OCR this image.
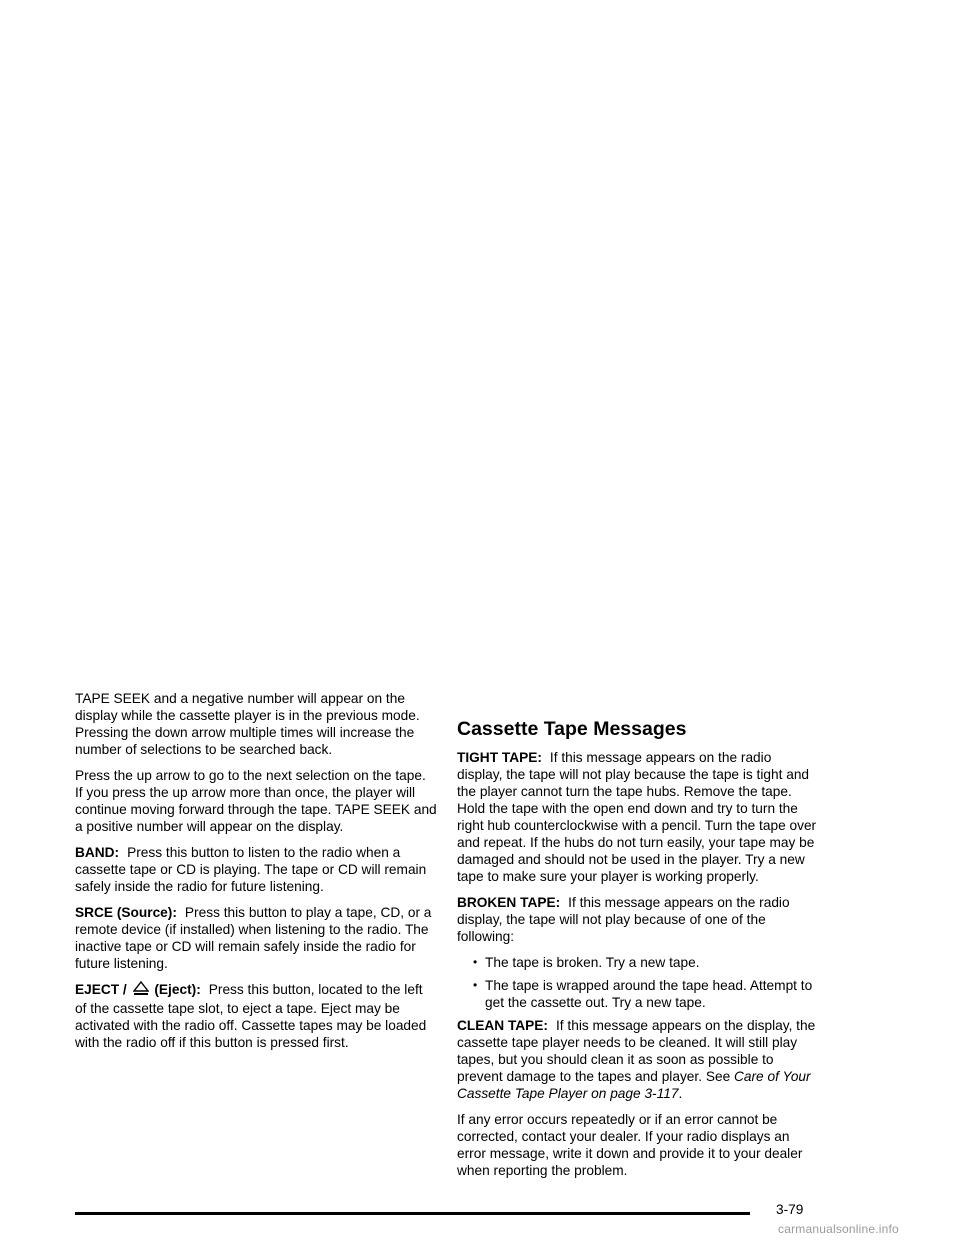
TAPE SEEK and a negative number will appear on the display while the cassette player is in the previous mode. Pressing the down arrow multiple times will increase the number of selections to be searched back.

Press the up arrow to go to the next selection on the tape. If you press the up arrow more than once, the player will continue moving forward through the tape. TAPE SEEK and a positive number will appear on the display.

BAND: Press this button to listen to the radio when a cassette tape or CD is playing. The tape or CD will remain safely inside the radio for future listening.

SRCE (Source): Press this button to play a tape, CD, or a remote device (if installed) when listening to the radio. The inactive tape or CD will remain safely inside the radio for future listening.

EJECT / (Eject): Press this button, located to the left of the cassette tape slot, to eject a tape. Eject may be activated with the radio off. Cassette tapes may be loaded with the radio off if this button is pressed first.

Cassette Tape Messages

TIGHT TAPE: If this message appears on the radio display, the tape will not play because the tape is tight and the player cannot turn the tape hubs. Remove the tape. Hold the tape with the open end down and try to turn the right hub counterclockwise with a pencil. Turn the tape over and repeat. If the hubs do not turn easily, your tape may be damaged and should not be used in the player. Try a new tape to make sure your player is working properly.

BROKEN TAPE: If this message appears on the radio display, the tape will not play because of one of the following:

• The tape is broken. Try a new tape.
• The tape is wrapped around the tape head. Attempt to get the cassette out. Try a new tape.

CLEAN TAPE: If this message appears on the display, the cassette tape player needs to be cleaned. It will still play tapes, but you should clean it as soon as possible to prevent damage to the tapes and player. See Care of Your Cassette Tape Player on page 3-117.

If any error occurs repeatedly or if an error cannot be corrected, contact your dealer. If your radio displays an error message, write it down and provide it to your dealer when reporting the problem.

3-79
carmanualsonline.info
